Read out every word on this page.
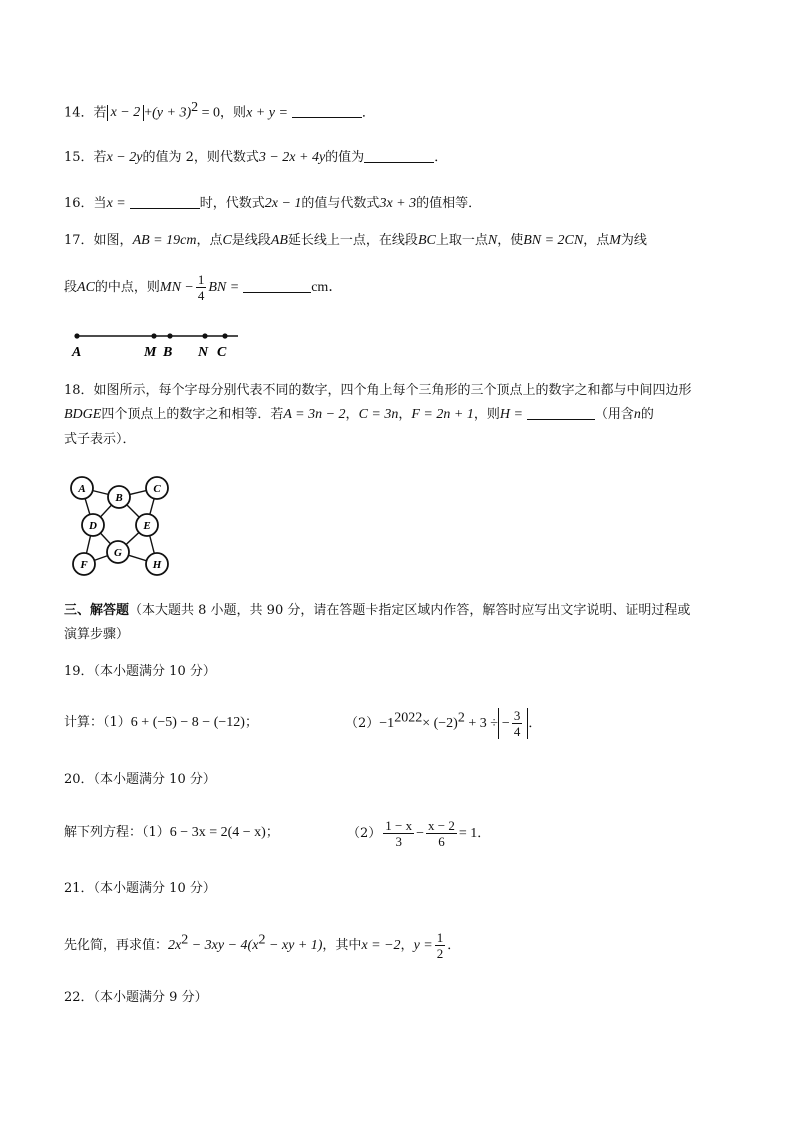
14．若 $x - 2 +(y + 3)^2 = 0$，则x + y =	．
15．若x − 2y的值为 2，则代数式3 − 2x + 4y的值为	．
16．当x =	时，代数式2x − 1的值与代数式3x + 3的值相等．
17．如图，AB = 19cm，点C是线段AB延长线上一点，在线段BC上取一点N，使BN = 2CN，点M为线
段AC的中点，则MN − $\frac{1}{4}$ BN =	cm．
A	M B N C
18．如图所示，每个字母分别代表不同的数字，四个角上每个三角形的三个顶点上的数字之和都与中间四边形
BDGE四个顶点上的数字之和相等．若A = 3n − 2，C = 3n，F = 2n + 1，则H =	（用含n的
式子表示）．
A
B
C
D	E
F
G
H
三、解答题（本大题共 8 小题，共 90 分，请在答题卡指定区域内作答，解答时应写出文字说明、证明过程或
演算步骤）
19．（本小题满分 10 分）
计算：（1）6 + (−5) − 8 − (−12)；	$(2)-1^{2022}\times (-2)^2 + 3$ ÷ − $\frac{3}{4}$ ．
20．（本小题满分 10 分）
解下列方程：（1）6 − 3x = 2(4 − x)；	$(2) \frac{1 - x}{3} - \frac{x - 2}{6} = 1$．
21．（本小题满分 10 分）
先化简，再求值：$2x^2 - 3xy - 4(x^2$ − xy + 1)，其中x = −2，$y = \frac{1}{2}$ ．
22．（本小题满分 9 分）
